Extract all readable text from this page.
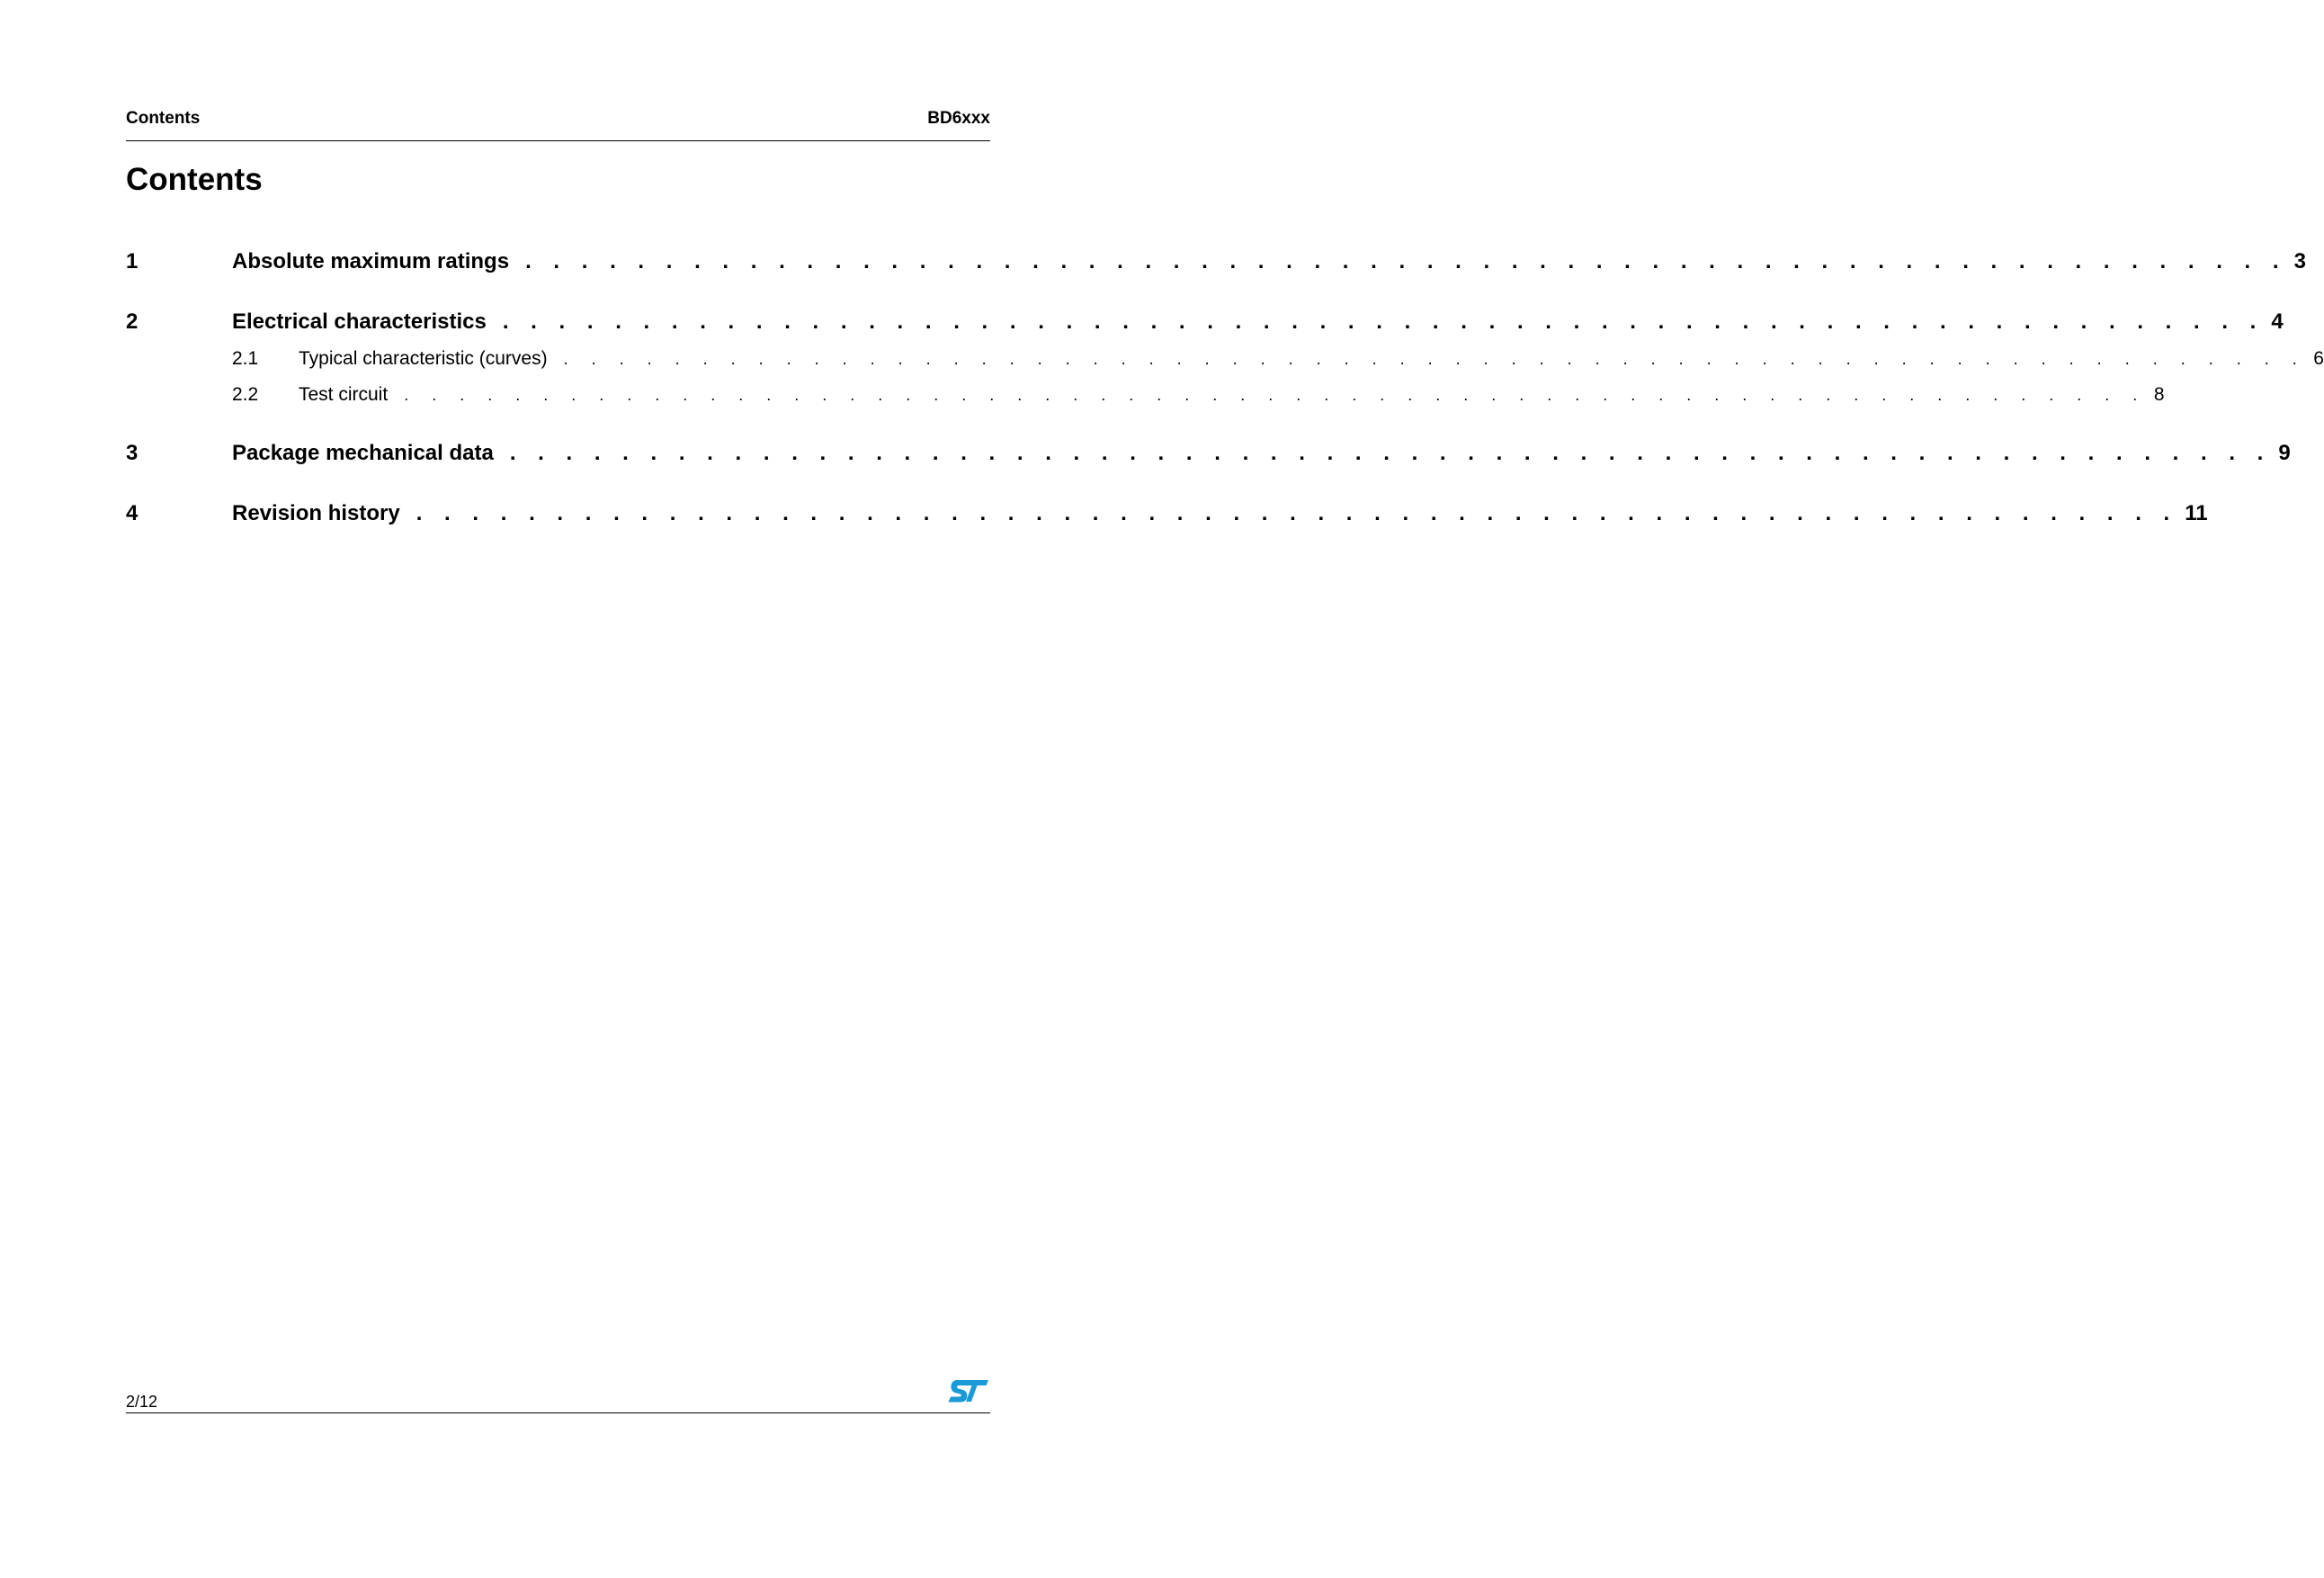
Contents	BD6xxx
Contents
1	Absolute maximum ratings . . . . . . . . . . . . . . . . . . . . . . . . . . . . . . . . . . . . . . . . . . . . . . . . . . . . . . . . . . . . . . . 3
2	Electrical characteristics . . . . . . . . . . . . . . . . . . . . . . . . . . . . . . . . . . . . . . . . . . . . . . . . . . . . . . . . . . . . . . . 4
2.1 Typical characteristic (curves)	. . . . . . . . . . . . . . . . . . . . . . . . . . . . . . . . . . . . . . . . . . . . . . . . . . . . . . . . . . . . . . . 6
2.2 Test circuit	. . . . . . . . . . . . . . . . . . . . . . . . . . . . . . . . . . . . . . . . . . . . . . . . . . . . . . . . . . . . . . . 8
3	Package mechanical data . . . . . . . . . . . . . . . . . . . . . . . . . . . . . . . . . . . . . . . . . . . . . . . . . . . . . . . . . . . . . . . 9
4	Revision history . . . . . . . . . . . . . . . . . . . . . . . . . . . . . . . . . . . . . . . . . . . . . . . . . . . . . . . . . . . . . . . 11
2/12
